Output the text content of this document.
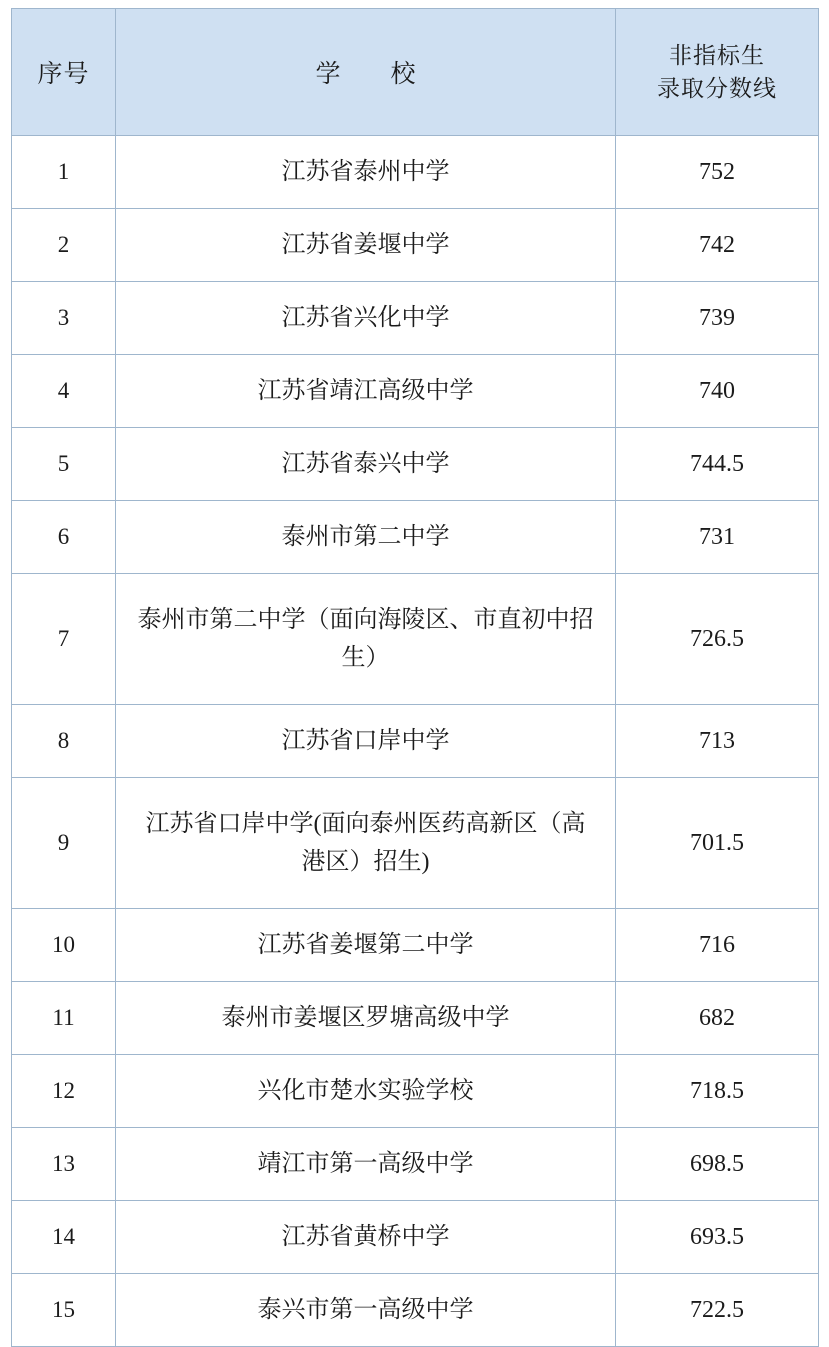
序号	学 校	非指标生
录取分数线

1	江苏省泰州中学	752
2	江苏省姜堰中学	742
3	江苏省兴化中学	739
4	江苏省靖江高级中学	740
5	江苏省泰兴中学	744.5
6	泰州市第二中学	731
7	泰州市第二中学（面向海陵区、市直初中招生）	726.5
8	江苏省口岸中学	713
9	江苏省口岸中学(面向泰州医药高新区（高港区）招生)	701.5
10	江苏省姜堰第二中学	716
11	泰州市姜堰区罗塘高级中学	682
12	兴化市楚水实验学校	718.5
13	靖江市第一高级中学	698.5
14	江苏省黄桥中学	693.5
15	泰兴市第一高级中学	722.5
